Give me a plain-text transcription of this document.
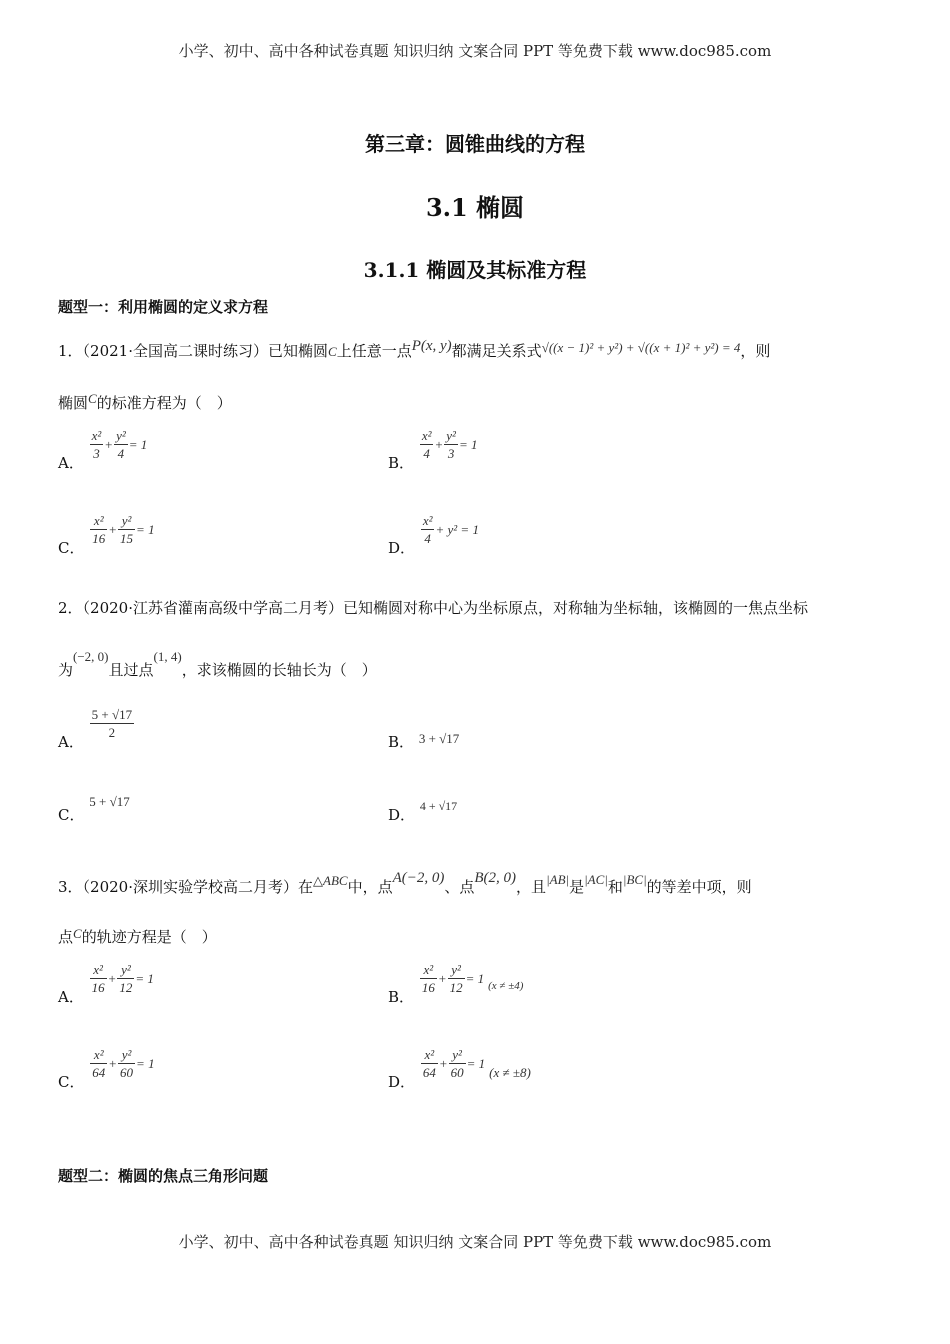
小学、初中、高中各种试卷真题 知识归纳 文案合同 PPT 等免费下载 www.doc985.com
第三章：圆锥曲线的方程
3.1 椭圆
3.1.1 椭圆及其标准方程
题型一：利用椭圆的定义求方程
1．（2021·全国高二课时练习）已知椭圆C上任意一点P(x, y)都满足关系式√((x − 1)² + y²) + √((x + 1)² + y²) = 4，则
椭圆C的标准方程为（　）
A．
$\frac{\text{x²}}{3} + \frac{\text{y²}}{4} = 1$
B．
$\frac{\text{x²}}{4} + \frac{\text{y²}}{3} = 1$
C．
$\frac{\text{x²}}{16} + \frac{\text{y²}}{15} = 1$
D．
$\frac{\text{x²}}{4} + y^2 = 1$
2．（2020·江苏省灌南高级中学高二月考）已知椭圆对称中心为坐标原点，对称轴为坐标轴，该椭圆的一焦点坐标
为(−2, 0)且过点(1, 4)，求该椭圆的长轴长为（　）
A．
$\frac{5 + √17}{2}$
B． 3 + √17
C． 5 + √17
D． $^{4 + √17}$
3．（2020·深圳实验学校高二月考）在△ABC中，点A(−2, 0)、点B(2, 0)，且|AB|是|AC|和|BC|的等差中项，则
点C的轨迹方程是（　）
A．
$\frac{\text{x²}}{16} + \frac{\text{y²}}{12} = 1$
B．
$\frac{\text{x²}}{16} + \frac{\text{y²}}{12} = 1$ (x ≠ ±4)
C．
$\frac{\text{x²}}{64} + \frac{\text{y²}}{60} = 1$
D．
$\frac{\text{x²}}{64} + \frac{\text{y²}}{60} = 1$
(x ≠ ±8)
题型二：椭圆的焦点三角形问题
小学、初中、高中各种试卷真题 知识归纳 文案合同 PPT 等免费下载 www.doc985.com
